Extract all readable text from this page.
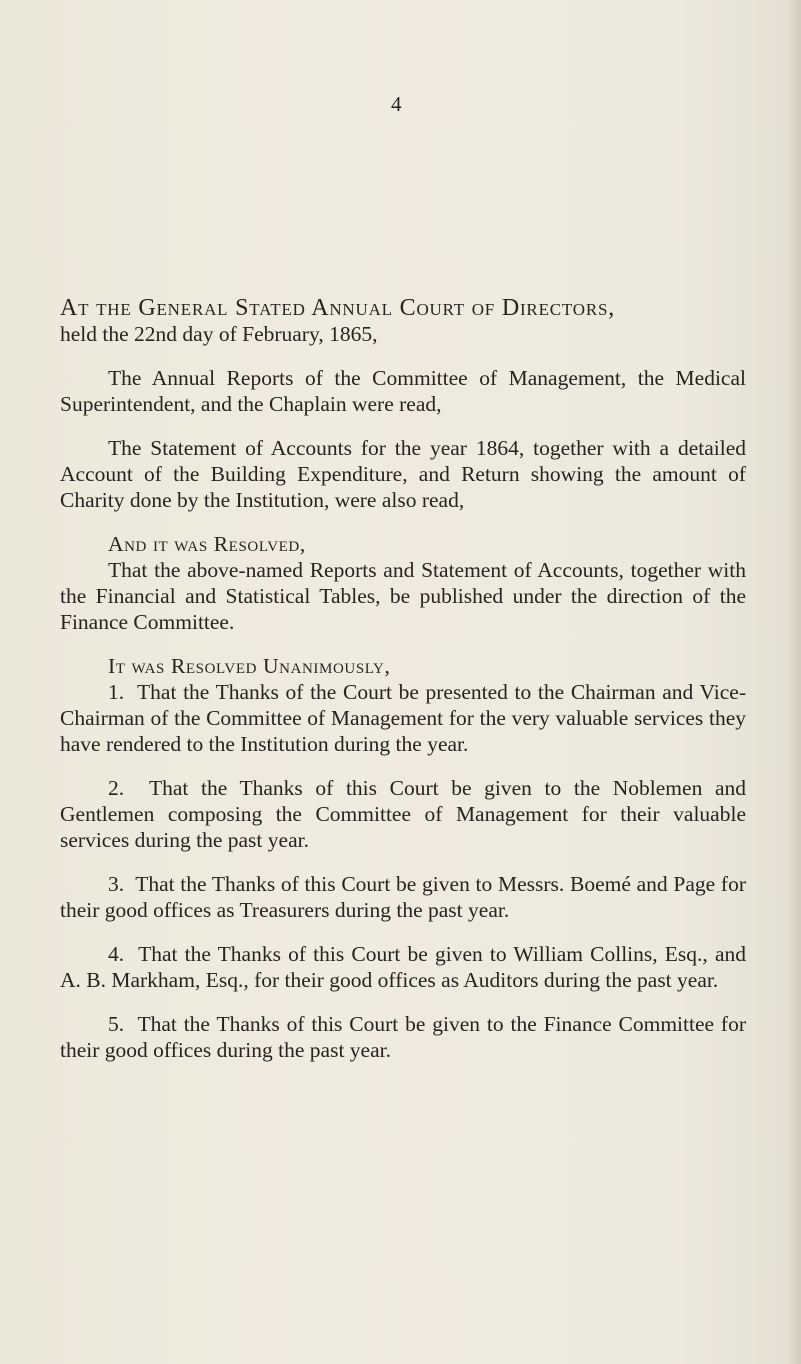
4

At the General Stated Annual Court of Directors,

held the 22nd day of February, 1865,

The Annual Reports of the Committee of Management, the Medical Superintendent, and the Chaplain were read,

The Statement of Accounts for the year 1864, together with a detailed Account of the Building Expenditure, and Return showing the amount of Charity done by the Institution, were also read,

And it was Resolved,

That the above-named Reports and Statement of Accounts, together with the Financial and Statistical Tables, be published under the direction of the Finance Committee.

It was Resolved Unanimously,

1. That the Thanks of the Court be presented to the Chairman and Vice-Chairman of the Committee of Management for the very valuable services they have rendered to the Institution during the year.

2. That the Thanks of this Court be given to the Noblemen and Gentlemen composing the Committee of Management for their valuable services during the past year.

3. That the Thanks of this Court be given to Messrs. Boemé and Page for their good offices as Treasurers during the past year.

4. That the Thanks of this Court be given to William Collins, Esq., and A. B. Markham, Esq., for their good offices as Auditors during the past year.

5. That the Thanks of this Court be given to the Finance Committee for their good offices during the past year.
